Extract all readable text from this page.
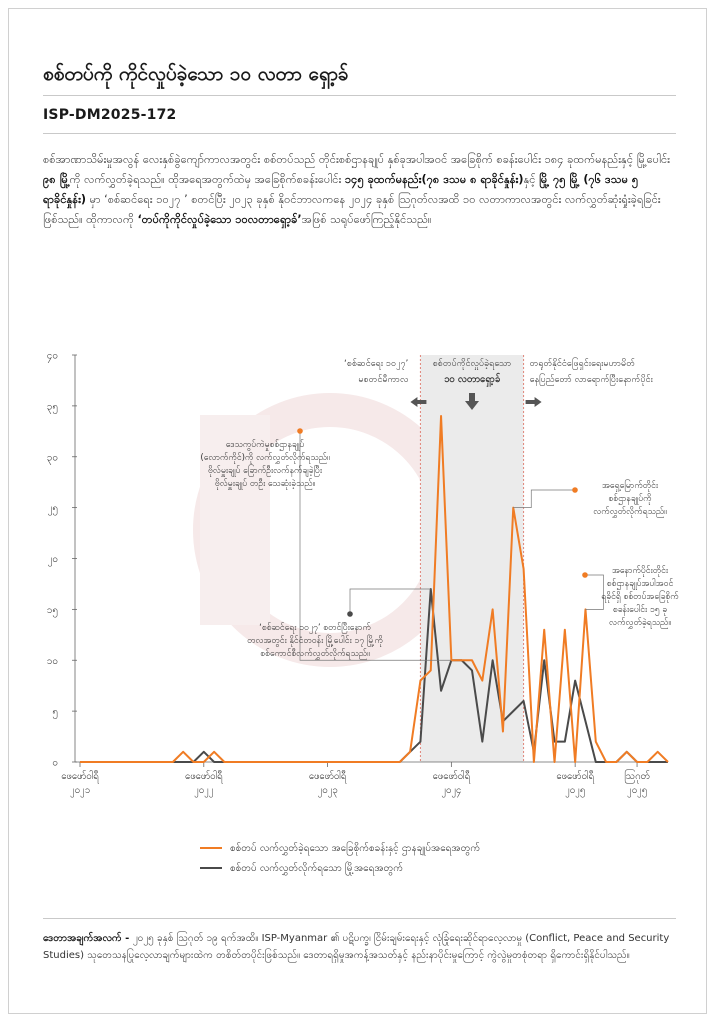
စစ်တပ်ကို ကိုင်လှုပ်ခဲ့သော ၁၀ လတာ ရှော့ခ်
ISP-DM2025-172
စစ်အာဏာသိမ်းမှုအလွန် လေးနှစ်ခွဲကျော်ကာလအတွင်း စစ်တပ်သည် တိုင်းစစ်ဌာနချုပ် နှစ်ခုအပါအဝင် အခြေစိုက် စခန်းပေါင်း ၁၈၄ ခုထက်မနည်းနှင့် မြို့ပေါင်း ၉၈ မြို့ကို လက်လွှတ်ခဲ့ရသည်။ ထိုအရေအတွက်ထဲမှ အခြေစိုက်စခန်းပေါင်း ၁၄၅ ခုထက်မနည်း(၇၈ ဒသမ ၈ ရာခိုင်နှုန်း)နှင့် မြို့ ၇၅ မြို့ (၇၆ ဒသမ ၅ ရာခိုင်နှုန်း) မှာ ‘စစ်ဆင်ရေး ၁၀၂၇ ’ စတင်ပြီး ၂၀၂၃ ခုနှစ် နိုဝင်ဘာလကနေ ၂၀၂၄ ခုနှစ် ဩဂုတ်လအထိ ၁၀ လတာကာလအတွင်း လက်လွှတ်ဆုံးရှုံးခဲ့ရခြင်းဖြစ်သည်။ ထိုကာလကို ‘တပ်ကိုကိုင်လှုပ်ခဲ့သော ၁၀လတာရှော့ခ်’အဖြစ် သရုပ်ဖော်ကြည့်နိုင်သည်။
၀
၅
၁၀
၁၅
၂၀
၂၅
၃၀
၃၅
၄၀
ဖေဖော်ဝါရီ
၂၀၂၁
ဖေဖော်ဝါရီ
၂၀၂၂
ဖေဖော်ဝါရီ
၂၀၂၃
ဖေဖော်ဝါရီ
၂၀၂၄
ဖေဖော်ဝါရီ
၂၀၂၅
ဩဂုတ်
၂၀၂၅
စစ်တပ်ကိုင်လှုပ်ခဲ့ရသော
၁၀ လတာရှော့ခ်
‘စစ်ဆင်ရေး ၁၀၂၇’
မစတင်မီကာလ
တရုတ်နိုင်ငံဖြေရှင်းရေးမဟာမိတ်
နေပြည်တော် လာရောက်ပြီးနောက်ပိုင်း
ဒေသကွပ်ကဲမှုစစ်ဌာနချုပ်
(လောက်ကိုင်)ကို လက်လွှတ်လိုက်ရသည်။
ဗိုလ်မှူးချုပ် ခြောက်ဦးလက်နက်ချခဲ့ပြီး
ဗိုလ်မှူးချုပ် တဦး သေဆုံးခဲ့သည်။	အရှေ့မြောက်တိုင်း
စစ်ဌာနချုပ်ကို
လက်လွှတ်လိုက်ရသည်။
အနောက်ပိုင်းတိုင်း
စစ်ဌာနချုပ်အပါအဝင်
ရခိုင်ရှိ စစ်တပ်အခြေစိုက်
စခန်းပေါင်း ၁၅ ခု
လက်လွှတ်ခဲ့ရသည်။
‘စစ်ဆင်ရေး ၁၀၂၇’ စတင်ပြီးနောက်
တလအတွင်း နိုင်ငံတဝန်း မြို့ပေါင်း ၁၇ မြို့ကို
စစ်ကောင်စီလက်လွှတ်လိုက်ရသည်။
စစ်တပ် လက်လွှတ်ခဲ့ရသော အခြေစိုက်စခန်းနှင့် ဌာနချုပ်အရေအတွက်
စစ်တပ် လက်လွှတ်လိုက်ရသော မြို့အရေအတွက်
ဒေတာအချက်အလက် - ၂၀၂၅ ခုနှစ် ဩဂုတ် ၁၉ ရက်အထိ။ ISP-Myanmar ၏ ပဋိပက္ခ၊ ငြိမ်းချမ်းရေးနှင့် လုံခြုံရေးဆိုင်ရာလေ့လာမှု (Conflict, Peace and Security Studies) သုတေသနပြုလေ့လာချက်များထဲက တစိတ်တပိုင်းဖြစ်သည်။ ဒေတာရရှိမှုအကန့်အသတ်နှင့် နည်းနာပိုင်းမှုကြောင့် ကွဲလွဲမှုတစုံတရာ ရှိကောင်းရှိနိုင်ပါသည်။
